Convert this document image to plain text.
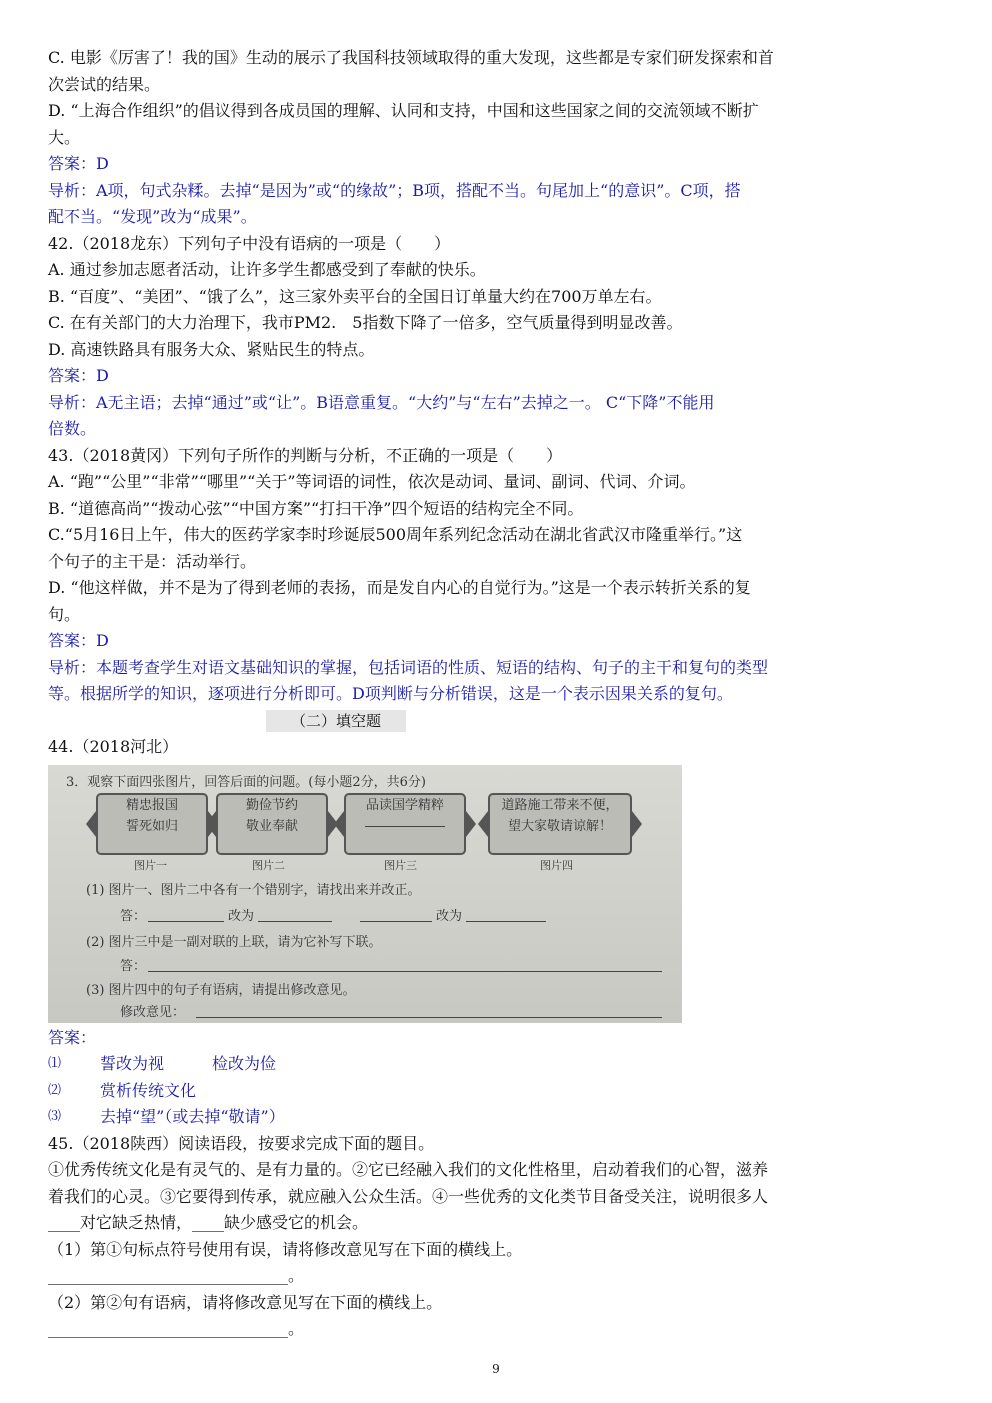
C. 电影《厉害了！我的国》生动的展示了我国科技领域取得的重大发现，这些都是专家们研发探索和首

次尝试的结果。

D. “上海合作组织”的倡议得到各成员国的理解、认同和支持，中国和这些国家之间的交流领域不断扩

大。

答案：D

导析：A项，句式杂糅。去掉“是因为”或“的缘故”；B项，搭配不当。句尾加上“的意识”。C项，搭

配不当。“发现”改为“成果”。

42.（2018龙东）下列句子中没有语病的一项是（　　）

A. 通过参加志愿者活动，让许多学生都感受到了奉献的快乐。

B. “百度”、“美团”、“饿了么”，这三家外卖平台的全国日订单量大约在700万单左右。

C. 在有关部门的大力治理下，我市PM2.　5指数下降了一倍多，空气质量得到明显改善。

D. 高速铁路具有服务大众、紧贴民生的特点。

答案：D

导析：A无主语；去掉“通过”或“让”。B语意重复。“大约”与“左右”去掉之一。 C“下降”不能用

倍数。

43.（2018黄冈）下列句子所作的判断与分析，不正确的一项是（　　）

A. “跑”“公里”“非常”“哪里”“关于”等词语的词性，依次是动词、量词、副词、代词、介词。

B. “道德高尚”“拨动心弦”“中国方案”“打扫干净”四个短语的结构完全不同。

C.“5月16日上午，伟大的医药学家李时珍诞辰500周年系列纪念活动在湖北省武汉市隆重举行。”这

个句子的主干是：活动举行。

D. “他这样做，并不是为了得到老师的表扬，而是发自内心的自觉行为。”这是一个表示转折关系的复

句。

答案：D

导析：本题考查学生对语文基础知识的掌握，包括词语的性质、短语的结构、句子的主干和复句的类型

等。根据所学的知识，逐项进行分析即可。D项判断与分析错误，这是一个表示因果关系的复句。

（二）填空题

44.（2018河北）

3．观察下面四张图片，回答后面的问题。(每小题2分，共6分)
精忠报国
誓死如归
勤俭节约
敬业奉献
品读国学精粹	道路施工带来不便，
望大家敬请谅解！
图片一	图片二	图片三	图片四
(1) 图片一、图片二中各有一个错别字，请找出来并改正。
答：	改为	改为
(2) 图片三中是一副对联的上联，请为它补写下联。
答：
(3) 图片四中的句子有语病，请提出修改意见。
修改意见：

答案：

⑴	誓改为视　　　检改为俭
⑵	赏析传统文化
⑶	去掉“望”（或去掉“敬请”）

45.（2018陕西）阅读语段，按要求完成下面的题目。

①优秀传统文化是有灵气的、是有力量的。②它已经融入我们的文化性格里，启动着我们的心智，滋养

着我们的心灵。③它要得到传承，就应融入公众生活。④一些优秀的文化类节目备受关注，说明很多人

____对它缺乏热情，____缺少感受它的机会。

（1）第①句标点符号使用有误，请将修改意见写在下面的横线上。

______________________________。

（2）第②句有语病，请将修改意见写在下面的横线上。

______________________________。

9
